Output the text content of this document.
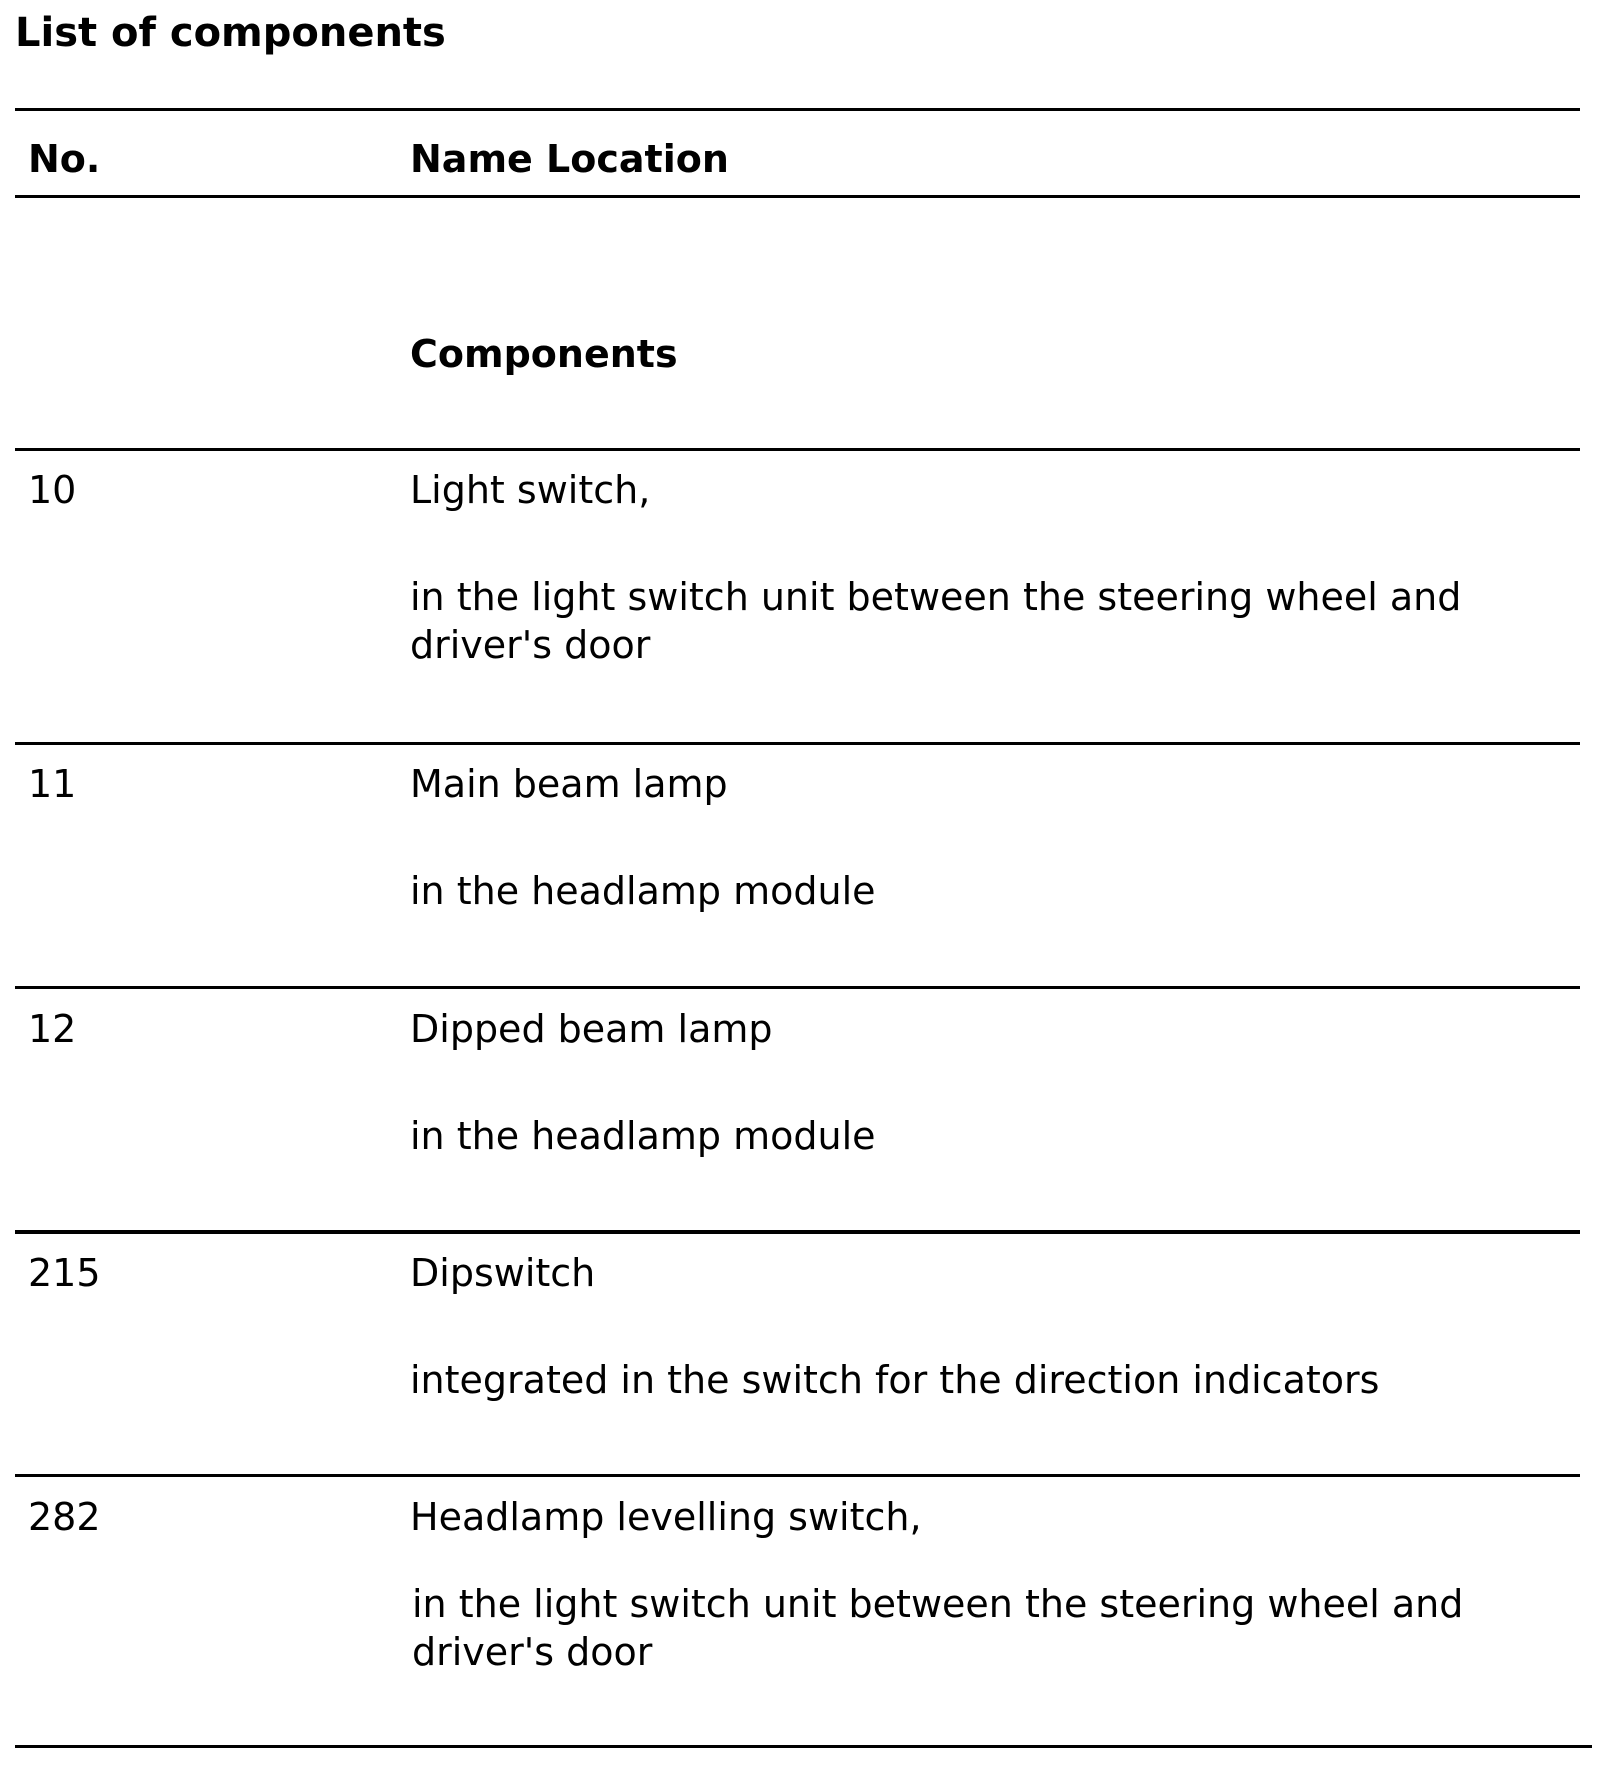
List of components
No.	Name Location
Components
10	Light switch,
in the light switch unit between the steering wheel and
driver's door
11	Main beam lamp
in the headlamp module
12	Dipped beam lamp
in the headlamp module
215	Dipswitch
integrated in the switch for the direction indicators
282	Headlamp levelling switch,
in the light switch unit between the steering wheel and
driver's door
